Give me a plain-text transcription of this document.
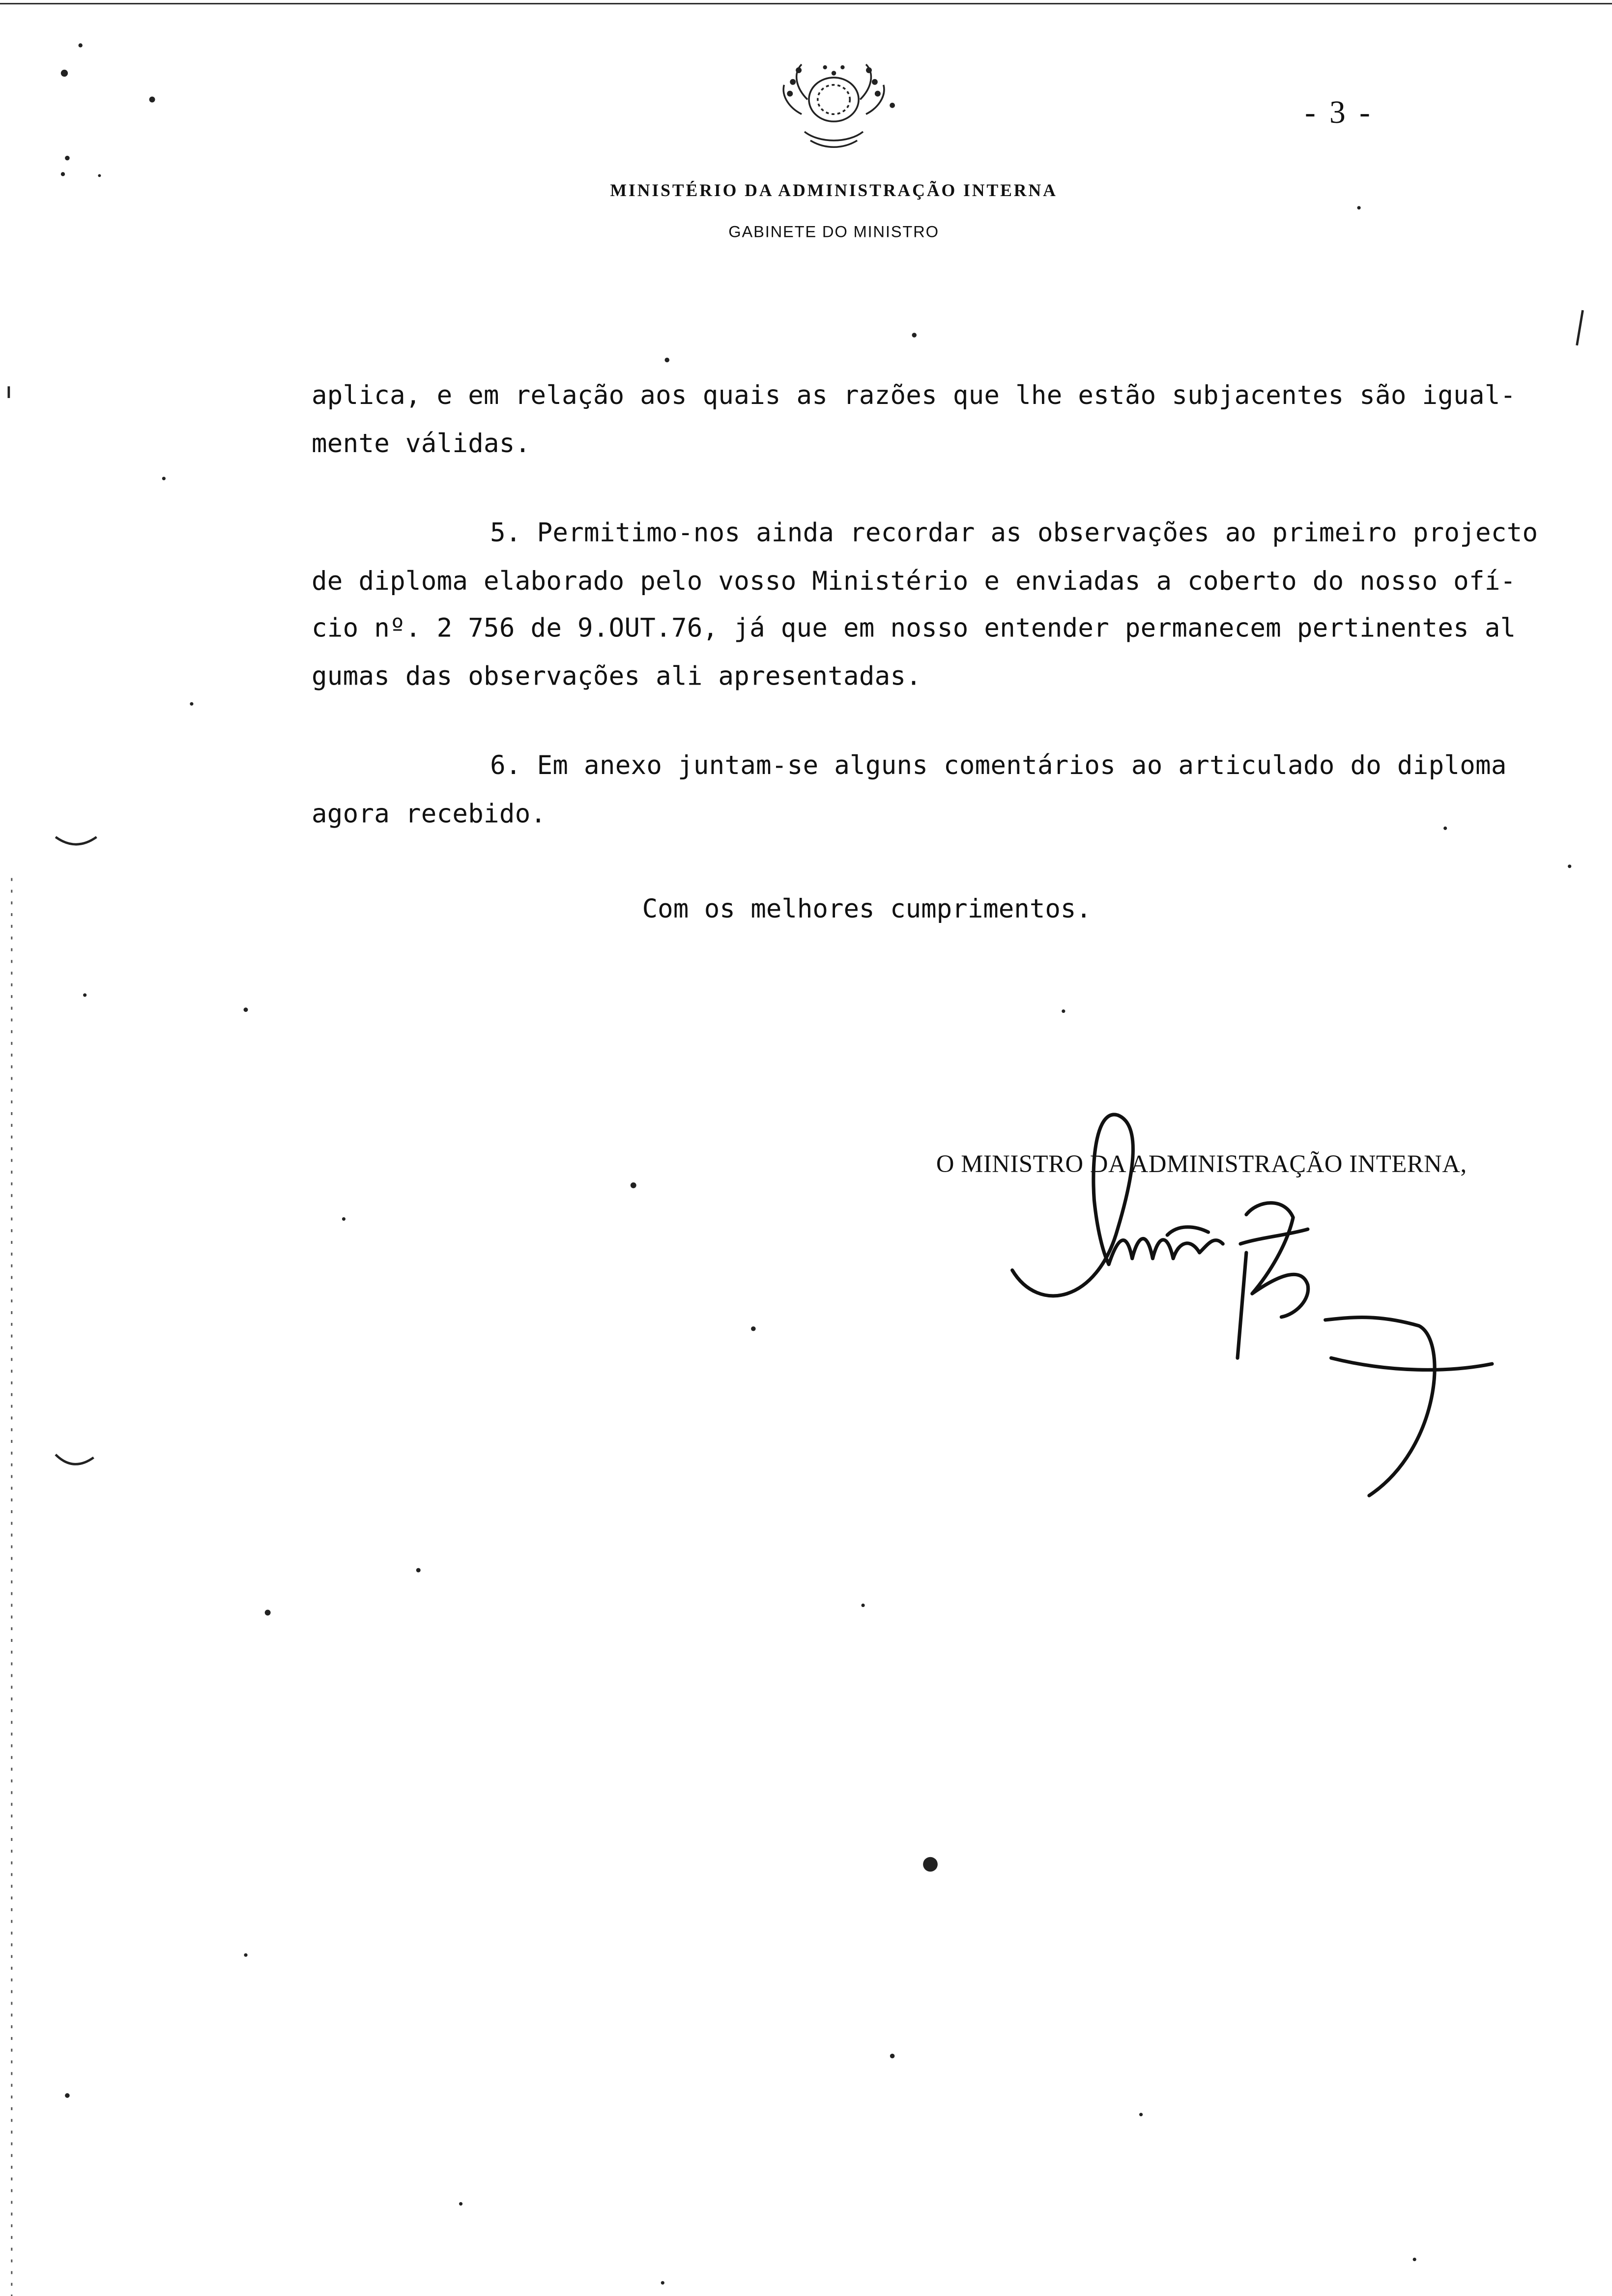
- 3 -
MINISTÉRIO DA ADMINISTRAÇÃO INTERNA
GABINETE DO MINISTRO

aplica, e em relação aos quais as razões que lhe estão subjacentes são igual-
mente válidas.

5. Permitimo-nos ainda recordar as observações ao primeiro projecto
de diploma elaborado pelo vosso Ministério e enviadas a coberto do nosso ofí-
cio nº. 2 756 de 9.OUT.76, já que em nosso entender permanecem pertinentes al
gumas das observações ali apresentadas.
6. Em anexo juntam-se alguns comentários ao articulado do diploma
agora recebido.
Com os melhores cumprimentos.
O MINISTRO DA ADMINISTRAÇÃO INTERNA,
